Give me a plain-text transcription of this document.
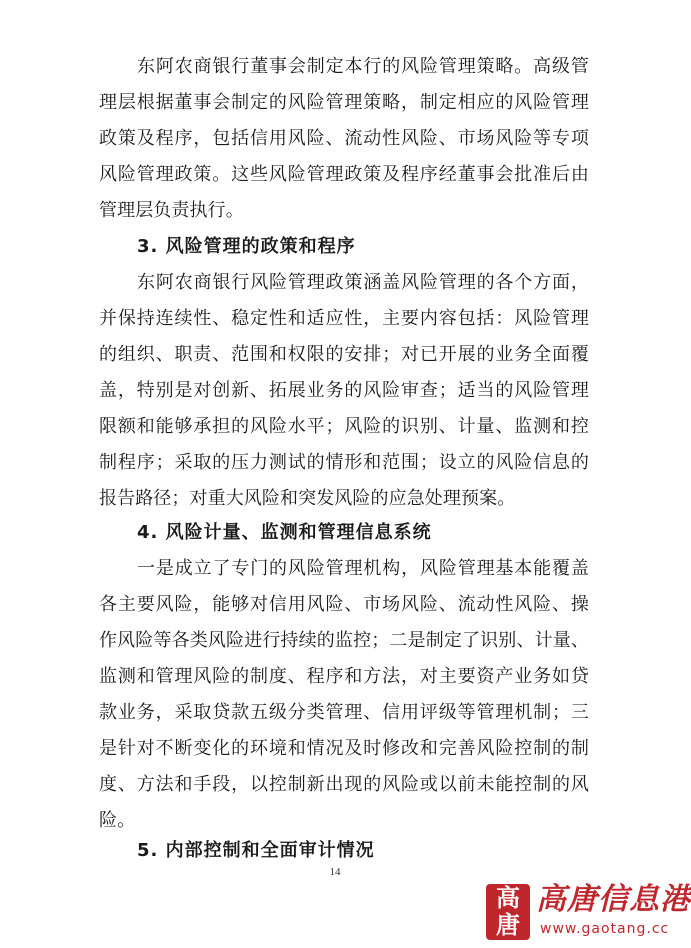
东阿农商银行董事会制定本行的风险管理策略。高级管
理层根据董事会制定的风险管理策略，制定相应的风险管理
政策及程序，包括信用风险、流动性风险、市场风险等专项
风险管理政策。这些风险管理政策及程序经董事会批准后由
管理层负责执行。
3. 风险管理的政策和程序
东阿农商银行风险管理政策涵盖风险管理的各个方面，
并保持连续性、稳定性和适应性，主要内容包括：风险管理
的组织、职责、范围和权限的安排；对已开展的业务全面覆
盖，特别是对创新、拓展业务的风险审查；适当的风险管理
限额和能够承担的风险水平；风险的识别、计量、监测和控
制程序；采取的压力测试的情形和范围；设立的风险信息的
报告路径；对重大风险和突发风险的应急处理预案。
4. 风险计量、监测和管理信息系统
一是成立了专门的风险管理机构，风险管理基本能覆盖
各主要风险，能够对信用风险、市场风险、流动性风险、操
作风险等各类风险进行持续的监控；二是制定了识别、计量、
监测和管理风险的制度、程序和方法，对主要资产业务如贷
款业务，采取贷款五级分类管理、信用评级等管理机制；三
是针对不断变化的环境和情况及时修改和完善风险控制的制
度、方法和手段，以控制新出现的风险或以前未能控制的风
险。
5. 内部控制和全面审计情况
14
高
唐
高唐信息港
www.gaotang.cc
